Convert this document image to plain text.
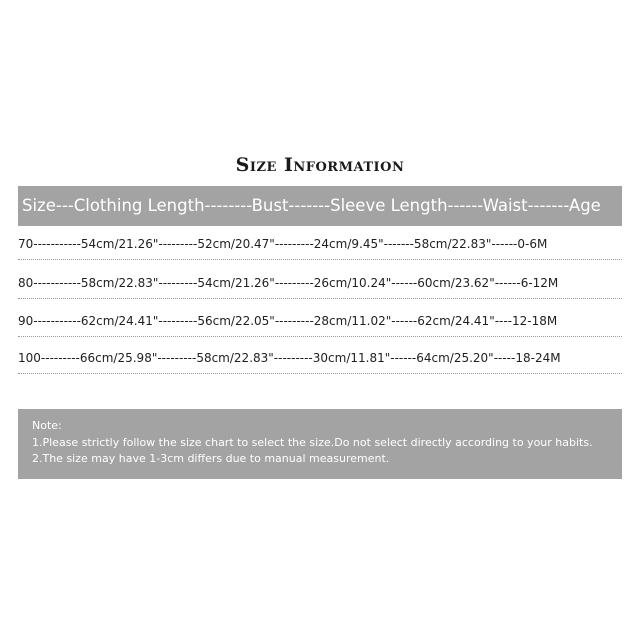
Size Information
Size---Clothing Length--------Bust-------Sleeve Length------Waist-------Age
70-----------54cm/21.26"---------52cm/20.47"---------24cm/9.45"-------58cm/22.83"------0-6M
80-----------58cm/22.83"---------54cm/21.26"---------26cm/10.24"------60cm/23.62"------6-12M
90-----------62cm/24.41"---------56cm/22.05"---------28cm/11.02"------62cm/24.41"----12-18M
100---------66cm/25.98"---------58cm/22.83"---------30cm/11.81"------64cm/25.20"-----18-24M
Note:
1.Please strictly follow the size chart to select the size.Do not select directly according to your habits.
2.The size may have 1-3cm differs due to manual measurement.
